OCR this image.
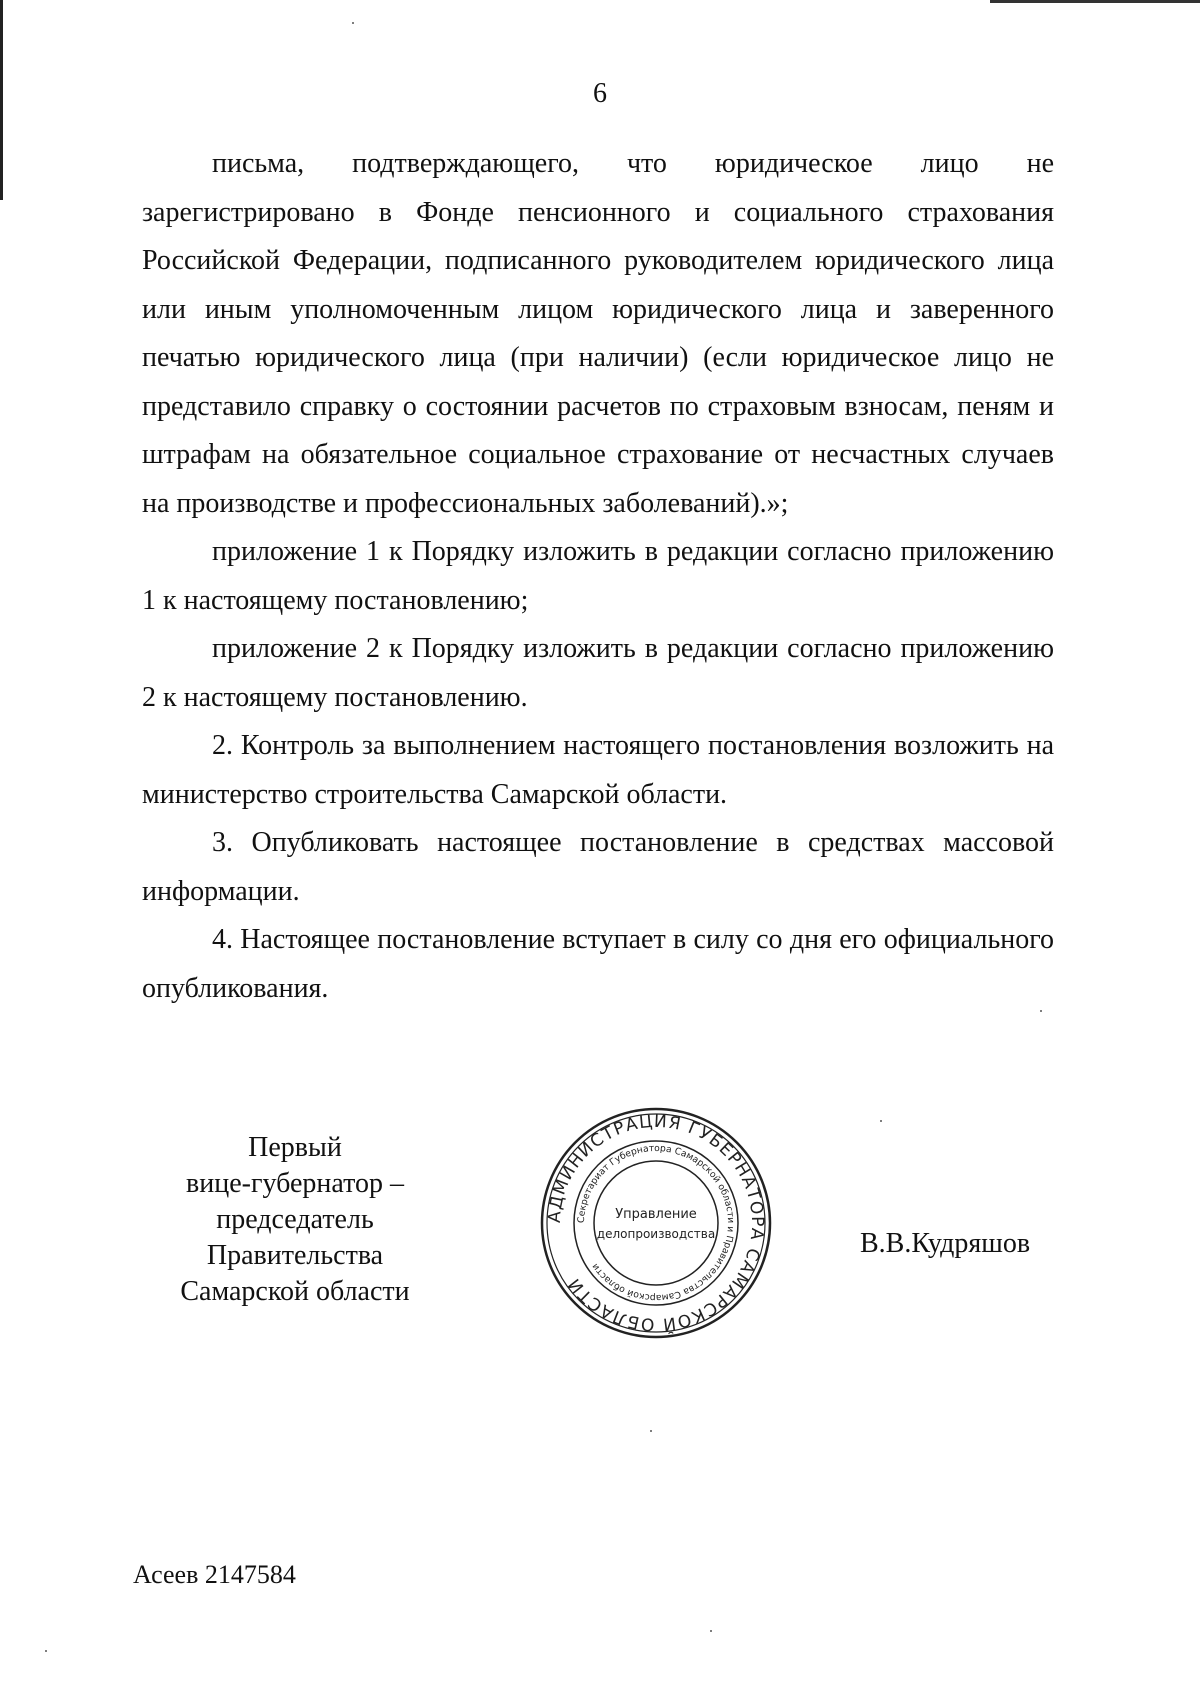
6

письма, подтверждающего, что юридическое лицо не зарегистрировано в Фонде пенсионного и социального страхования Российской Федерации, подписанного руководителем юридического лица или иным уполномоченным лицом юридического лица и заверенного печатью юридического лица (при наличии) (если юридическое лицо не представило справку о состоянии расчетов по страховым взносам, пеням и штрафам на обязательное социальное страхование от несчастных случаев на производстве и профессиональных заболеваний).»;

приложение 1 к Порядку изложить в редакции согласно приложению 1 к настоящему постановлению;

приложение 2 к Порядку изложить в редакции согласно приложению 2 к настоящему постановлению.

2. Контроль за выполнением настоящего постановления возложить на министерство строительства Самарской области.

3. Опубликовать настоящее постановление в средствах массовой информации.

4. Настоящее постановление вступает в силу со дня его официального опубликования.

Первый
вице-губернатор –
председатель Правительства
Самарской области
АДМИНИСТРАЦИЯ ГУБЕРНАТОРА САМАРСКОЙ ОБЛАСТИ
Секретариат Губернатора Самарской области и Правительства Самарской области
Управление
делопроизводства	В.В.Кудряшов
Асеев 2147584
